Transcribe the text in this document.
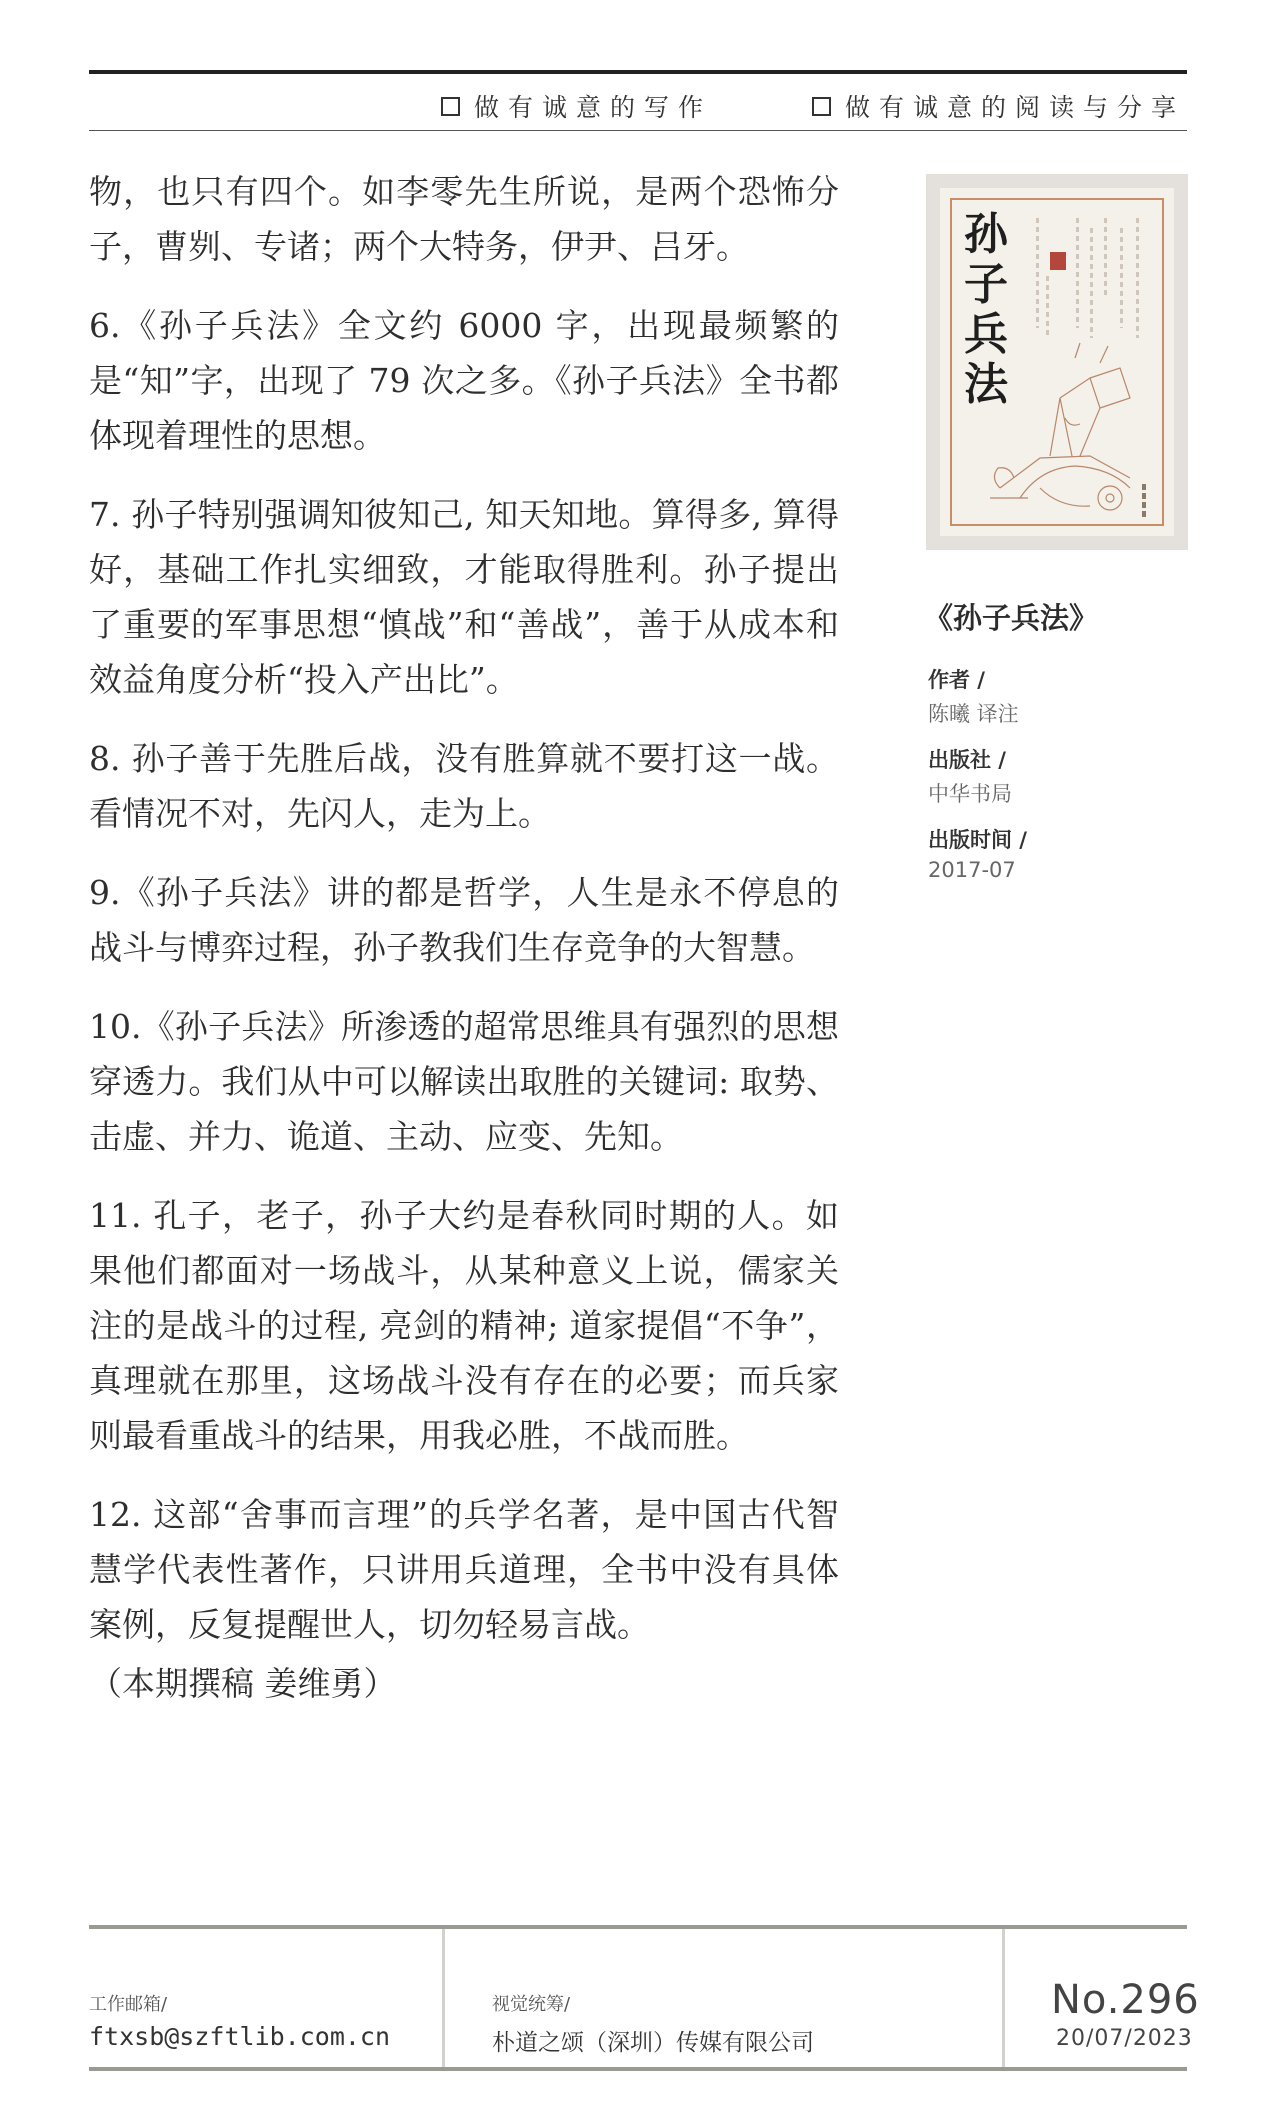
做有诚意的写作	做有诚意的阅读与分享

物，也只有四个。如李零先生所说，是两个恐怖分子，曹刿、专诸；两个大特务，伊尹、吕牙。

6.《孙子兵法》全文约 6000 字，出现最频繁的是“知”字，出现了 79 次之多。《孙子兵法》全书都体现着理性的思想。

7. 孙子特别强调知彼知己, 知天知地。算得多, 算得好，基础工作扎实细致，才能取得胜利。孙子提出了重要的军事思想“慎战”和“善战”，善于从成本和效益角度分析“投入产出比”。

8. 孙子善于先胜后战，没有胜算就不要打这一战。看情况不对，先闪人，走为上。

9.《孙子兵法》讲的都是哲学，人生是永不停息的战斗与博弈过程，孙子教我们生存竞争的大智慧。

10.《孙子兵法》所渗透的超常思维具有强烈的思想穿透力。我们从中可以解读出取胜的关键词: 取势、击虚、并力、诡道、主动、应变、先知。

11. 孔子，老子，孙子大约是春秋同时期的人。如果他们都面对一场战斗，从某种意义上说，儒家关注的是战斗的过程, 亮剑的精神; 道家提倡“不争”，真理就在那里，这场战斗没有存在的必要；而兵家则最看重战斗的结果，用我必胜，不战而胜。

12. 这部“舍事而言理”的兵学名著，是中国古代智慧学代表性著作，只讲用兵道理，全书中没有具体案例，反复提醒世人，切勿轻易言战。

（本期撰稿 姜维勇）

孙子兵法
《孙子兵法》
作者 /
陈曦 译注
出版社 /
中华书局
出版时间 /
2017-07
工作邮箱/
ftxsb@szftlib.com.cn
视觉统筹/
朴道之颂（深圳）传媒有限公司
No.296
20/07/2023
